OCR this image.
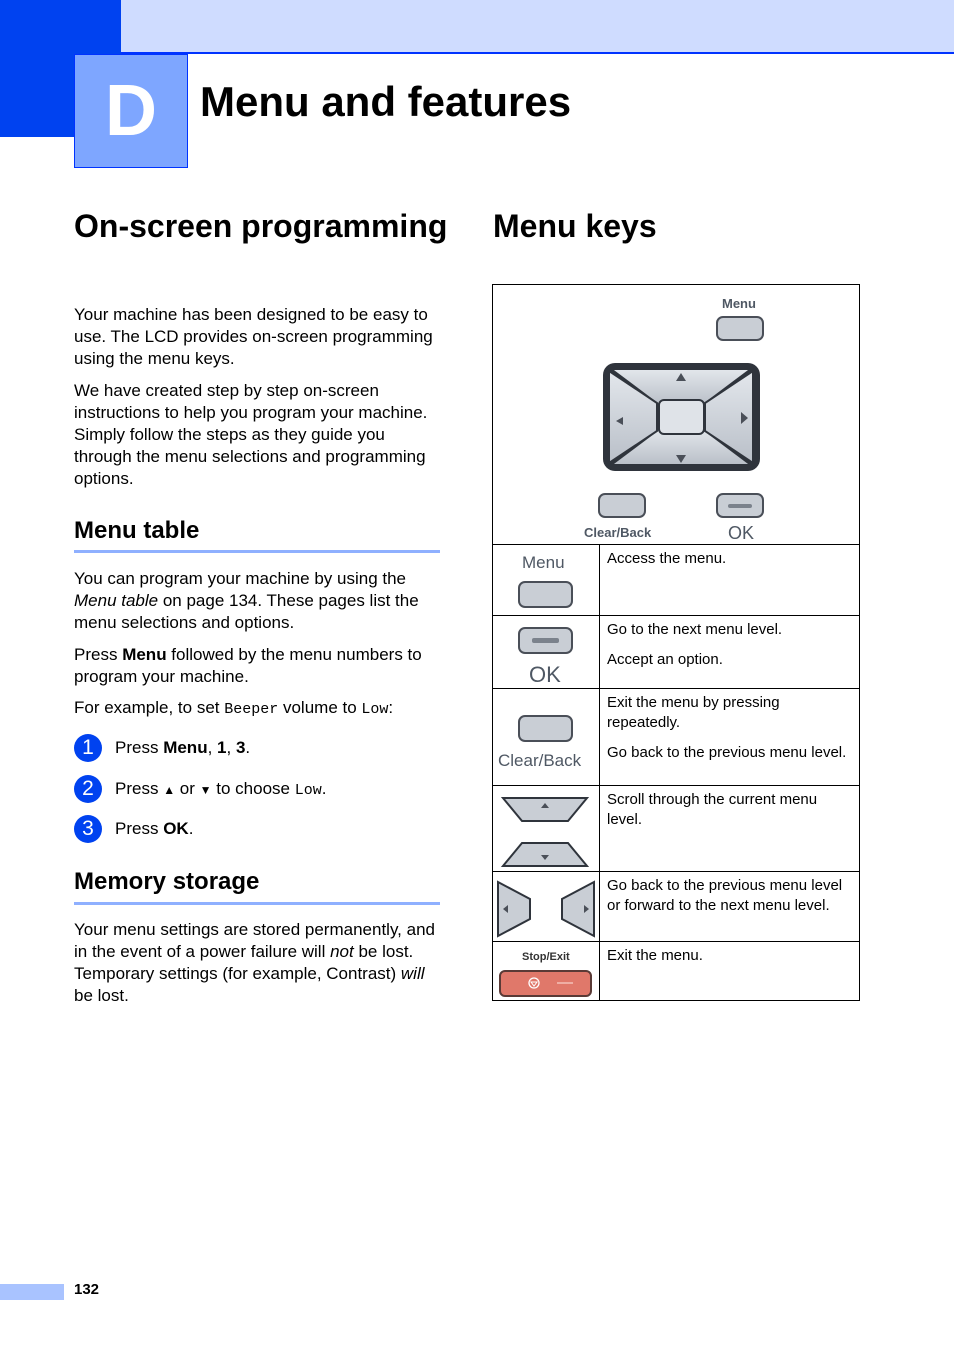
D	Menu and features
On-screen programming

Your machine has been designed to be easy to use. The LCD provides on-screen programming using the menu keys.

We have created step by step on-screen instructions to help you program your machine. Simply follow the steps as they guide you through the menu selections and programming options.

Menu table

You can program your machine by using the Menu table on page 134. These pages list the menu selections and options.

Press Menu followed by the menu numbers to program your machine.

For example, to set Beeper volume to Low:

1	Press Menu, 1, 3.
2	Press ▲ or ▼ to choose Low.
3	Press OK.
Memory storage

Your menu settings are stored permanently, and in the event of a power failure will not be lost. Temporary settings (for example, Contrast) will be lost.

Menu keys
Menu
Clear/Back OK	

Menu	Access the menu.

OK	Go to the next menu level.

Accept an option.

Clear/Back	Exit the menu by pressing repeatedly.

Go back to the previous menu level.

Scroll through the current menu level.

Go back to the previous menu level or forward to the next menu level.

Stop/Exit	Exit the menu.

132
